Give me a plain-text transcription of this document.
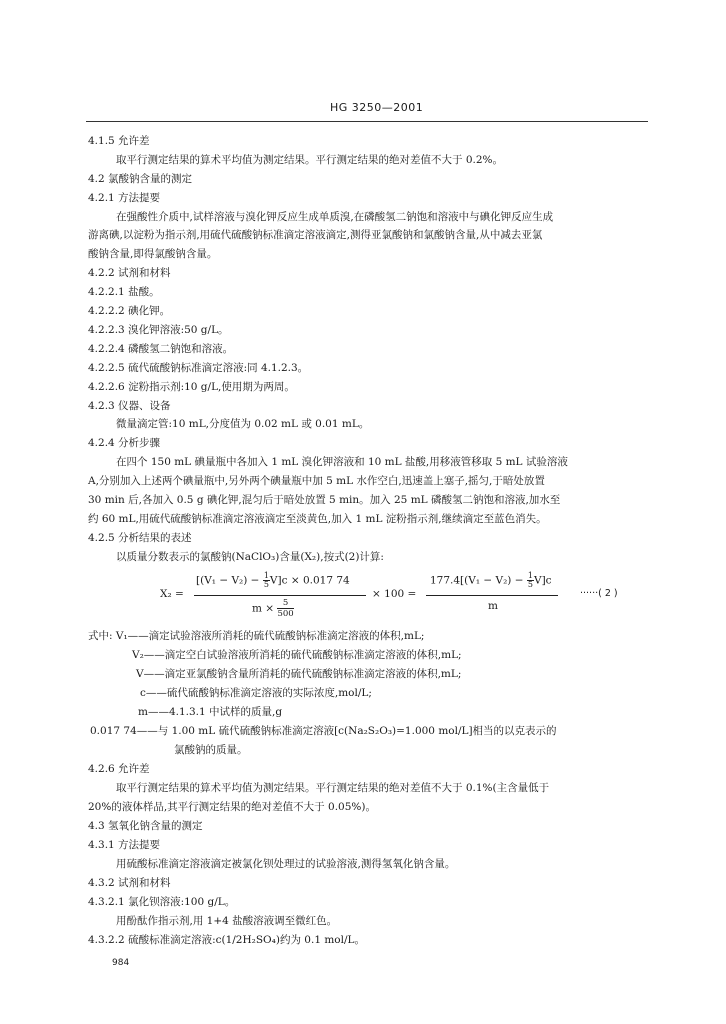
HG 3250—2001
4.1.5 允许差
取平行测定结果的算术平均值为测定结果。平行测定结果的绝对差值不大于 0.2%。
4.2 氯酸钠含量的测定
4.2.1 方法提要
在强酸性介质中,试样溶液与溴化钾反应生成单质溴,在磷酸氢二钠饱和溶液中与碘化钾反应生成
游离碘,以淀粉为指示剂,用硫代硫酸钠标准滴定溶液滴定,测得亚氯酸钠和氯酸钠含量,从中减去亚氯
酸钠含量,即得氯酸钠含量。
4.2.2 试剂和材料
4.2.2.1 盐酸。
4.2.2.2 碘化钾。
4.2.2.3 溴化钾溶液:50 g/L。
4.2.2.4 磷酸氢二钠饱和溶液。
4.2.2.5 硫代硫酸钠标准滴定溶液:同 4.1.2.3。
4.2.2.6 淀粉指示剂:10 g/L,使用期为两周。
4.2.3 仪器、设备
微量滴定管:10 mL,分度值为 0.02 mL 或 0.01 mL。
4.2.4 分析步骤
在四个 150 mL 碘量瓶中各加入 1 mL 溴化钾溶液和 10 mL 盐酸,用移液管移取 5 mL 试验溶液
A,分别加入上述两个碘量瓶中,另外两个碘量瓶中加 5 mL 水作空白,迅速盖上塞子,摇匀,于暗处放置
30 min 后,各加入 0.5 g 碘化钾,混匀后于暗处放置 5 min。加入 25 mL 磷酸氢二钠饱和溶液,加水至
约 60 mL,用硫代硫酸钠标准滴定溶液滴定至淡黄色,加入 1 mL 淀粉指示剂,继续滴定至蓝色消失。
4.2.5 分析结果的表述
以质量分数表示的氯酸钠(NaClO₃)含量(X₂),按式(2)计算:
X₂ =
$[(V_1 - V_2) - \frac{1}{5} V]c \times 0.017$ 74
$m \times \frac{5}{500}$
× 100 =
$177.4[(V_1 - V_2) - \frac{1}{5} V]c$
m
······( 2 )
式中: V₁——滴定试验溶液所消耗的硫代硫酸钠标准滴定溶液的体积,mL;
V₂——滴定空白试验溶液所消耗的硫代硫酸钠标准滴定溶液的体积,mL;
V——滴定亚氯酸钠含量所消耗的硫代硫酸钠标准滴定溶液的体积,mL;
c——硫代硫酸钠标准滴定溶液的实际浓度,mol/L;
m——4.1.3.1 中试样的质量,g
0.017 74——与 1.00 mL 硫代硫酸钠标准滴定溶液[c(Na₂S₂O₃)=1.000 mol/L]相当的以克表示的
氯酸钠的质量。
4.2.6 允许差
取平行测定结果的算术平均值为测定结果。平行测定结果的绝对差值不大于 0.1%(主含量低于
20%的液体样品,其平行测定结果的绝对差值不大于 0.05%)。
4.3 氢氧化钠含量的测定
4.3.1 方法提要
用硫酸标准滴定溶液滴定被氯化钡处理过的试验溶液,测得氢氧化钠含量。
4.3.2 试剂和材料
4.3.2.1 氯化钡溶液:100 g/L。
用酚酞作指示剂,用 1+4 盐酸溶液调至微红色。
4.3.2.2 硫酸标准滴定溶液:c(1/2H₂SO₄)约为 0.1 mol/L。
984
